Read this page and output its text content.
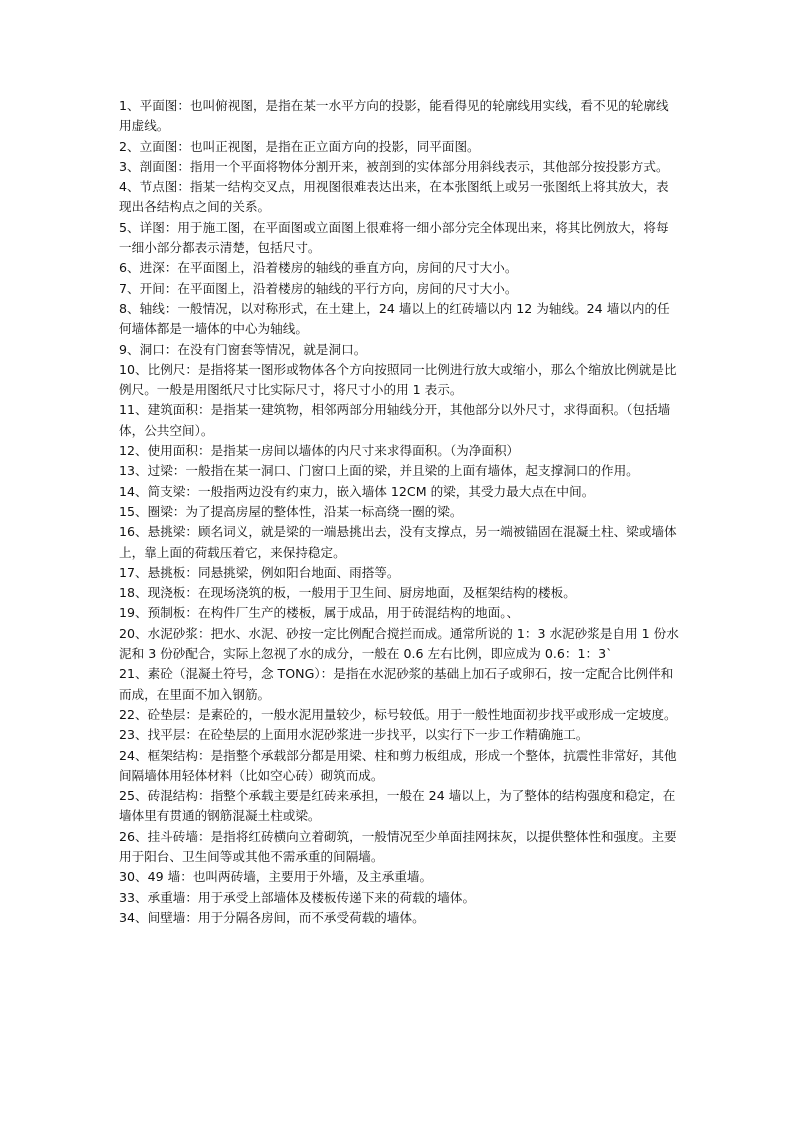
1、平面图：也叫俯视图，是指在某一水平方向的投影，能看得见的轮廓线用实线，看不见的轮廓线用虚线。

2、立面图：也叫正视图，是指在正立面方向的投影，同平面图。

3、剖面图：指用一个平面将物体分割开来，被剖到的实体部分用斜线表示，其他部分按投影方式。

4、节点图：指某一结构交叉点，用视图很难表达出来，在本张图纸上或另一张图纸上将其放大，表现出各结构点之间的关系。

5、详图：用于施工图，在平面图或立面图上很难将一细小部分完全体现出来，将其比例放大，将每一细小部分都表示清楚，包括尺寸。

6、进深：在平面图上，沿着楼房的轴线的垂直方向，房间的尺寸大小。

7、开间：在平面图上，沿着楼房的轴线的平行方向，房间的尺寸大小。

8、轴线：一般情况，以对称形式，在土建上，24 墙以上的红砖墙以内 12 为轴线。24 墙以内的任何墙体都是一墙体的中心为轴线。

9、洞口：在没有门窗套等情况，就是洞口。

10、比例尺：是指将某一图形或物体各个方向按照同一比例进行放大或缩小，那么个缩放比例就是比例尺。一般是用图纸尺寸比实际尺寸，将尺寸小的用 1 表示。

11、建筑面积：是指某一建筑物，相邻两部分用轴线分开，其他部分以外尺寸，求得面积。（包括墙体，公共空间）。

12、使用面积：是指某一房间以墙体的内尺寸来求得面积。（为净面积）

13、过梁：一般指在某一洞口、门窗口上面的梁，并且梁的上面有墙体，起支撑洞口的作用。

14、简支梁：一般指两边没有约束力，嵌入墙体 12CM 的梁，其受力最大点在中间。

15、圈梁：为了提高房屋的整体性，沿某一标高绕一圈的梁。

16、悬挑梁：顾名词义，就是梁的一端悬挑出去，没有支撑点，另一端被锚固在混凝土柱、梁或墙体上，靠上面的荷载压着它，来保持稳定。

17、悬挑板：同悬挑梁，例如阳台地面、雨搭等。

18、现浇板：在现场浇筑的板，一般用于卫生间、厨房地面，及框架结构的楼板。

19、预制板：在构件厂生产的楼板，属于成品，用于砖混结构的地面。、

20、水泥砂浆：把水、水泥、砂按一定比例配合搅拦而成。通常所说的 1：3 水泥砂浆是自用 1 份水泥和 3 份砂配合，实际上忽视了水的成分，一般在 0.6 左右比例，即应成为 0.6：1：3`

21、素砼（混凝土符号，念 TONG）：是指在水泥砂浆的基础上加石子或卵石，按一定配合比例伴和而成，在里面不加入钢筋。

22、砼垫层：是素砼的，一般水泥用量较少，标号较低。用于一般性地面初步找平或形成一定坡度。

23、找平层：在砼垫层的上面用水泥砂浆进一步找平，以实行下一步工作精确施工。

24、框架结构：是指整个承载部分都是用梁、柱和剪力板组成，形成一个整体，抗震性非常好，其他间隔墙体用轻体材料（比如空心砖）砌筑而成。

25、砖混结构：指整个承载主要是红砖来承担，一般在 24 墙以上，为了整体的结构强度和稳定，在墙体里有贯通的钢筋混凝土柱或梁。

26、挂斗砖墙：是指将红砖横向立着砌筑，一般情况至少单面挂网抹灰，以提供整体性和强度。主要用于阳台、卫生间等或其他不需承重的间隔墙。

30、49 墙：也叫两砖墙，主要用于外墙，及主承重墙。

33、承重墙：用于承受上部墙体及楼板传递下来的荷载的墙体。

34、间壁墙：用于分隔各房间，而不承受荷载的墙体。
